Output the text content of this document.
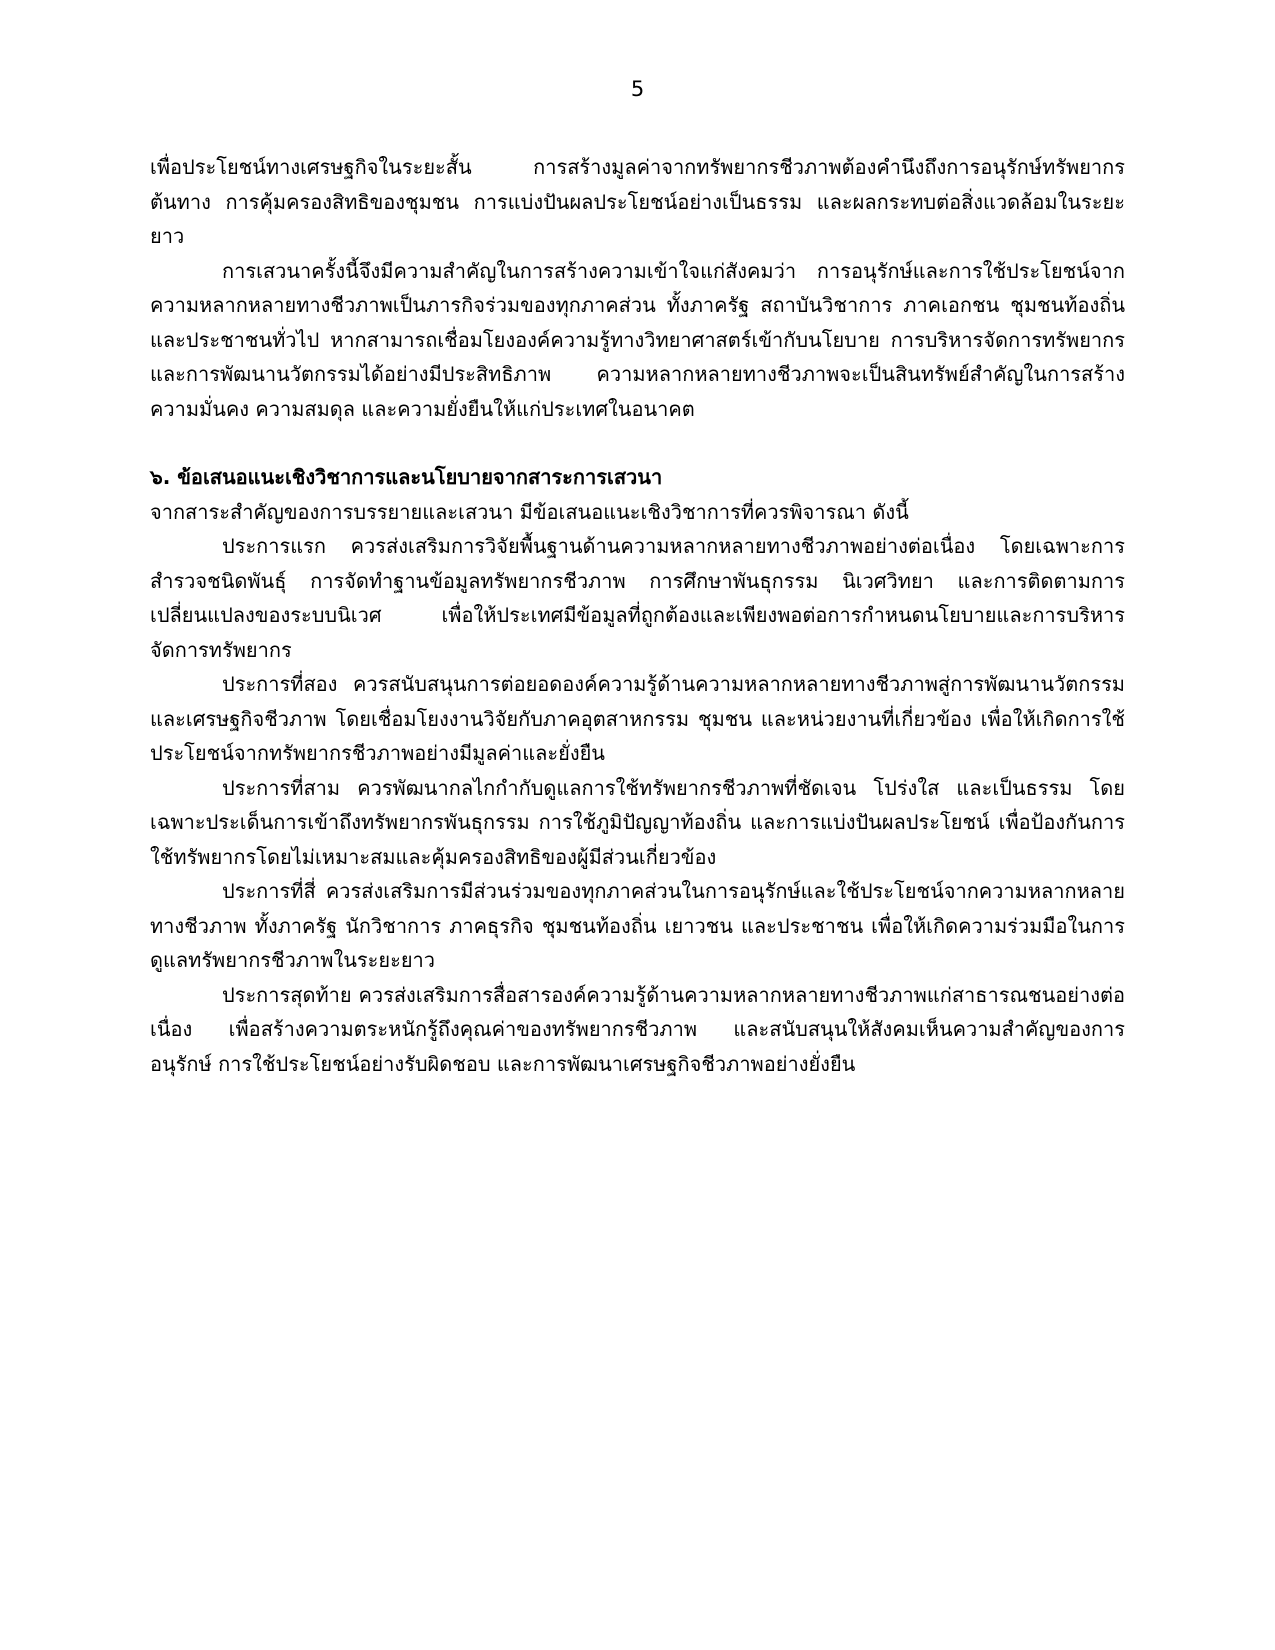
5

เพื่อประโยชน์ทางเศรษฐกิจในระยะสั้น การสร้างมูลค่าจากทรัพยากรชีวภาพต้องคำนึงถึงการอนุรักษ์ทรัพยากรต้นทาง การคุ้มครองสิทธิของชุมชน การแบ่งปันผลประโยชน์อย่างเป็นธรรม และผลกระทบต่อสิ่งแวดล้อมในระยะยาว

การเสวนาครั้งนี้จึงมีความสำคัญในการสร้างความเข้าใจแก่สังคมว่า การอนุรักษ์และการใช้ประโยชน์จากความหลากหลายทางชีวภาพเป็นภารกิจร่วมของทุกภาคส่วน ทั้งภาครัฐ สถาบันวิชาการ ภาคเอกชน ชุมชนท้องถิ่น และประชาชนทั่วไป หากสามารถเชื่อมโยงองค์ความรู้ทางวิทยาศาสตร์เข้ากับนโยบาย การบริหารจัดการทรัพยากร และการพัฒนานวัตกรรมได้อย่างมีประสิทธิภาพ ความหลากหลายทางชีวภาพจะเป็นสินทรัพย์สำคัญในการสร้างความมั่นคง ความสมดุล และความยั่งยืนให้แก่ประเทศในอนาคต

๖. ข้อเสนอแนะเชิงวิชาการและนโยบายจากสาระการเสวนา

จากสาระสำคัญของการบรรยายและเสวนา มีข้อเสนอแนะเชิงวิชาการที่ควรพิจารณา ดังนี้

ประการแรก ควรส่งเสริมการวิจัยพื้นฐานด้านความหลากหลายทางชีวภาพอย่างต่อเนื่อง โดยเฉพาะการสำรวจชนิดพันธุ์ การจัดทำฐานข้อมูลทรัพยากรชีวภาพ การศึกษาพันธุกรรม นิเวศวิทยา และการติดตามการเปลี่ยนแปลงของระบบนิเวศ เพื่อให้ประเทศมีข้อมูลที่ถูกต้องและเพียงพอต่อการกำหนดนโยบายและการบริหารจัดการทรัพยากร

ประการที่สอง ควรสนับสนุนการต่อยอดองค์ความรู้ด้านความหลากหลายทางชีวภาพสู่การพัฒนานวัตกรรมและเศรษฐกิจชีวภาพ โดยเชื่อมโยงงานวิจัยกับภาคอุตสาหกรรม ชุมชน และหน่วยงานที่เกี่ยวข้อง เพื่อให้เกิดการใช้ประโยชน์จากทรัพยากรชีวภาพอย่างมีมูลค่าและยั่งยืน

ประการที่สาม ควรพัฒนากลไกกำกับดูแลการใช้ทรัพยากรชีวภาพที่ชัดเจน โปร่งใส และเป็นธรรม โดยเฉพาะประเด็นการเข้าถึงทรัพยากรพันธุกรรม การใช้ภูมิปัญญาท้องถิ่น และการแบ่งปันผลประโยชน์ เพื่อป้องกันการใช้ทรัพยากรโดยไม่เหมาะสมและคุ้มครองสิทธิของผู้มีส่วนเกี่ยวข้อง

ประการที่สี่ ควรส่งเสริมการมีส่วนร่วมของทุกภาคส่วนในการอนุรักษ์และใช้ประโยชน์จากความหลากหลายทางชีวภาพ ทั้งภาครัฐ นักวิชาการ ภาคธุรกิจ ชุมชนท้องถิ่น เยาวชน และประชาชน เพื่อให้เกิดความร่วมมือในการดูแลทรัพยากรชีวภาพในระยะยาว

ประการสุดท้าย ควรส่งเสริมการสื่อสารองค์ความรู้ด้านความหลากหลายทางชีวภาพแก่สาธารณชนอย่างต่อเนื่อง เพื่อสร้างความตระหนักรู้ถึงคุณค่าของทรัพยากรชีวภาพ และสนับสนุนให้สังคมเห็นความสำคัญของการอนุรักษ์ การใช้ประโยชน์อย่างรับผิดชอบ และการพัฒนาเศรษฐกิจชีวภาพอย่างยั่งยืน
